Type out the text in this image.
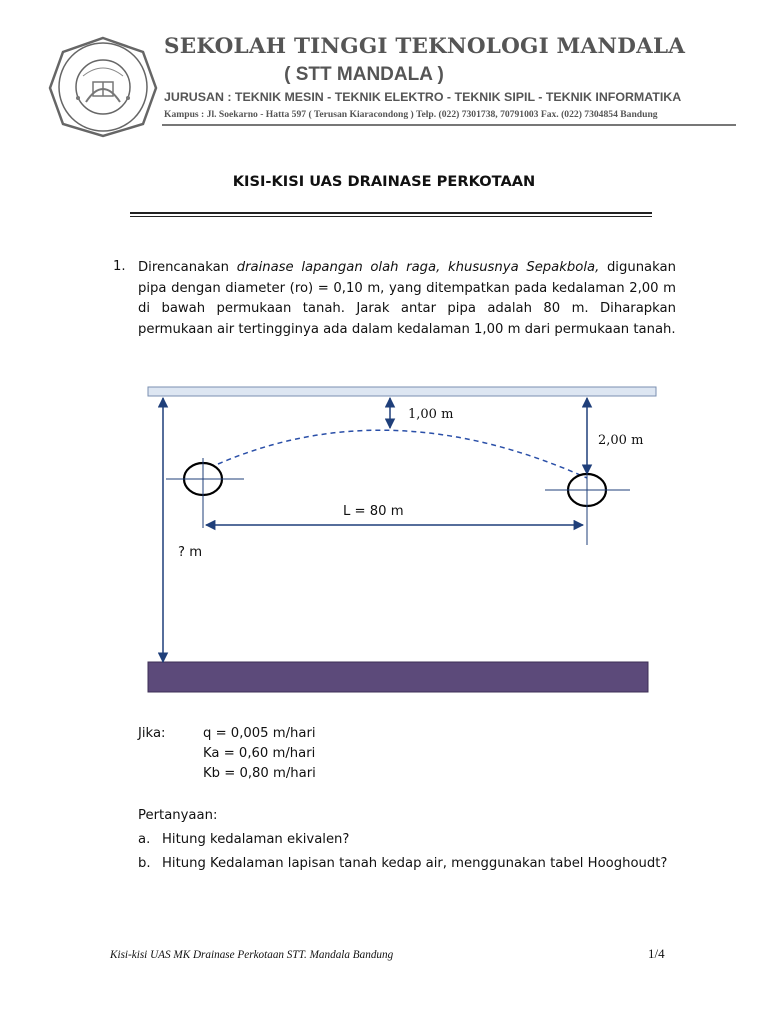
SEKOLAH TINGGI TEKNOLOGI MANDALA
( STT MANDALA )
JURUSAN : TEKNIK MESIN - TEKNIK ELEKTRO - TEKNIK SIPIL - TEKNIK INFORMATIKA
Kampus : Jl. Soekarno - Hatta 597 ( Terusan Kiaracondong ) Telp. (022) 7301738, 70791003 Fax. (022) 7304854 Bandung
KISI-KISI UAS DRAINASE PERKOTAAN
1. Direncanakan drainase lapangan olah raga, khususnya Sepakbola, digunakan pipa dengan diameter (ro) = 0,10 m, yang ditempatkan pada kedalaman 2,00 m di bawah permukaan tanah. Jarak antar pipa adalah 80 m. Diharapkan permukaan air tertingginya ada dalam kedalaman 1,00 m dari permukaan tanah.
1,00 m
2,00 m
L = 80 m
? m
Jika:	q = 0,005 m/hari
Ka = 0,60 m/hari
Kb = 0,80 m/hari
Pertanyaan:
a. Hitung kedalaman ekivalen?
b. Hitung Kedalaman lapisan tanah kedap air, menggunakan tabel Hooghoudt?
Kisi-kisi UAS MK Drainase Perkotaan STT. Mandala Bandung	1/4
